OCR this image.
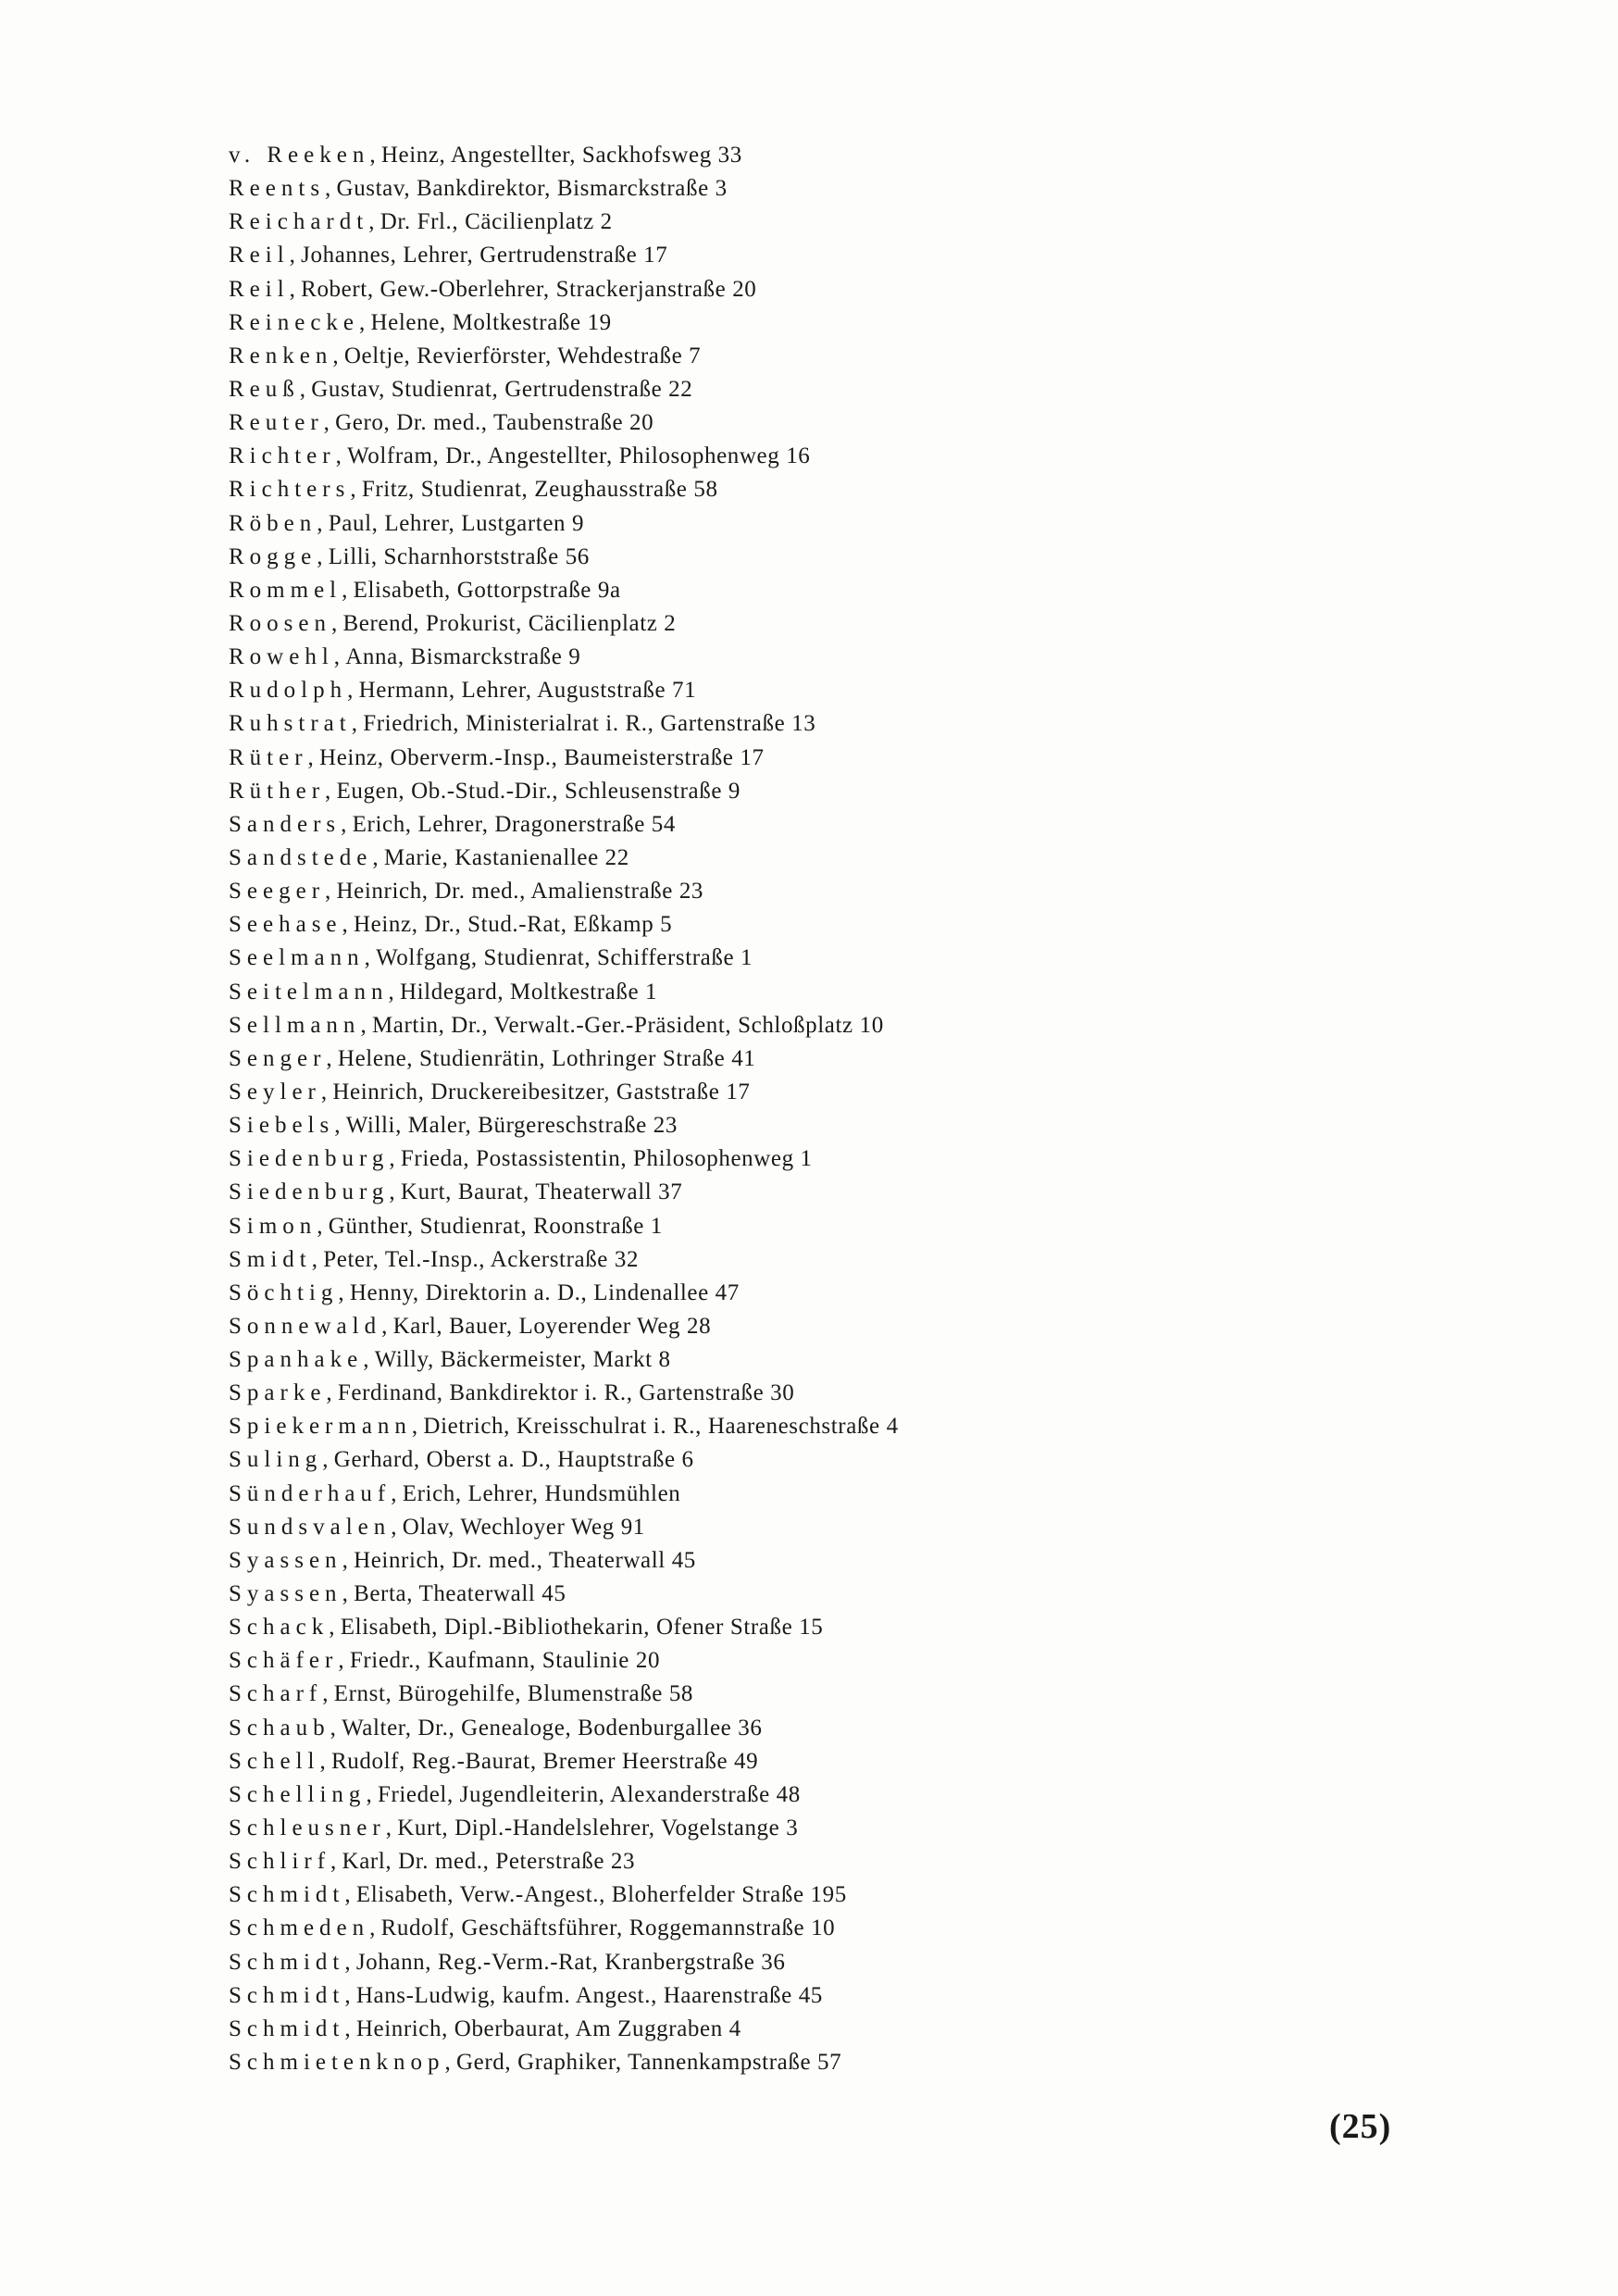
v. Reeken, Heinz, Angestellter, Sackhofsweg 33
Reents, Gustav, Bankdirektor, Bismarckstraße 3
Reichardt, Dr. Frl., Cäcilienplatz 2
Reil, Johannes, Lehrer, Gertrudenstraße 17
Reil, Robert, Gew.-Oberlehrer, Strackerjanstraße 20
Reinecke, Helene, Moltkestraße 19
Renken, Oeltje, Revierförster, Wehdestraße 7
Reuß, Gustav, Studienrat, Gertrudenstraße 22
Reuter, Gero, Dr. med., Taubenstraße 20
Richter, Wolfram, Dr., Angestellter, Philosophenweg 16
Richters, Fritz, Studienrat, Zeughausstraße 58
Röben, Paul, Lehrer, Lustgarten 9
Rogge, Lilli, Scharnhorststraße 56
Rommel, Elisabeth, Gottorpstraße 9a
Roosen, Berend, Prokurist, Cäcilienplatz 2
Rowehl, Anna, Bismarckstraße 9
Rudolph, Hermann, Lehrer, Auguststraße 71
Ruhstrat, Friedrich, Ministerialrat i. R., Gartenstraße 13
Rüter, Heinz, Oberverm.-Insp., Baumeisterstraße 17
Rüther, Eugen, Ob.-Stud.-Dir., Schleusenstraße 9
Sanders, Erich, Lehrer, Dragonerstraße 54
Sandstede, Marie, Kastanienallee 22
Seeger, Heinrich, Dr. med., Amalienstraße 23
Seehase, Heinz, Dr., Stud.-Rat, Eßkamp 5
Seelmann, Wolfgang, Studienrat, Schifferstraße 1
Seitelmann, Hildegard, Moltkestraße 1
Sellmann, Martin, Dr., Verwalt.-Ger.-Präsident, Schloßplatz 10
Senger, Helene, Studienrätin, Lothringer Straße 41
Seyler, Heinrich, Druckereibesitzer, Gaststraße 17
Siebels, Willi, Maler, Bürgereschstraße 23
Siedenburg, Frieda, Postassistentin, Philosophenweg 1
Siedenburg, Kurt, Baurat, Theaterwall 37
Simon, Günther, Studienrat, Roonstraße 1
Smidt, Peter, Tel.-Insp., Ackerstraße 32
Söchtig, Henny, Direktorin a. D., Lindenallee 47
Sonnewald, Karl, Bauer, Loyerender Weg 28
Spanhake, Willy, Bäckermeister, Markt 8
Sparke, Ferdinand, Bankdirektor i. R., Gartenstraße 30
Spiekermann, Dietrich, Kreisschulrat i. R., Haareneschstraße 4
Suling, Gerhard, Oberst a. D., Hauptstraße 6
Sünderhauf, Erich, Lehrer, Hundsmühlen
Sundsvalen, Olav, Wechloyer Weg 91
Syassen, Heinrich, Dr. med., Theaterwall 45
Syassen, Berta, Theaterwall 45
Schack, Elisabeth, Dipl.-Bibliothekarin, Ofener Straße 15
Schäfer, Friedr., Kaufmann, Staulinie 20
Scharf, Ernst, Bürogehilfe, Blumenstraße 58
Schaub, Walter, Dr., Genealoge, Bodenburgallee 36
Schell, Rudolf, Reg.-Baurat, Bremer Heerstraße 49
Schelling, Friedel, Jugendleiterin, Alexanderstraße 48
Schleusner, Kurt, Dipl.-Handelslehrer, Vogelstange 3
Schlirf, Karl, Dr. med., Peterstraße 23
Schmidt, Elisabeth, Verw.-Angest., Bloherfelder Straße 195
Schmeden, Rudolf, Geschäftsführer, Roggemannstraße 10
Schmidt, Johann, Reg.-Verm.-Rat, Kranbergstraße 36
Schmidt, Hans-Ludwig, kaufm. Angest., Haarenstraße 45
Schmidt, Heinrich, Oberbaurat, Am Zuggraben 4
Schmietenknop, Gerd, Graphiker, Tannenkampstraße 57
(25)
